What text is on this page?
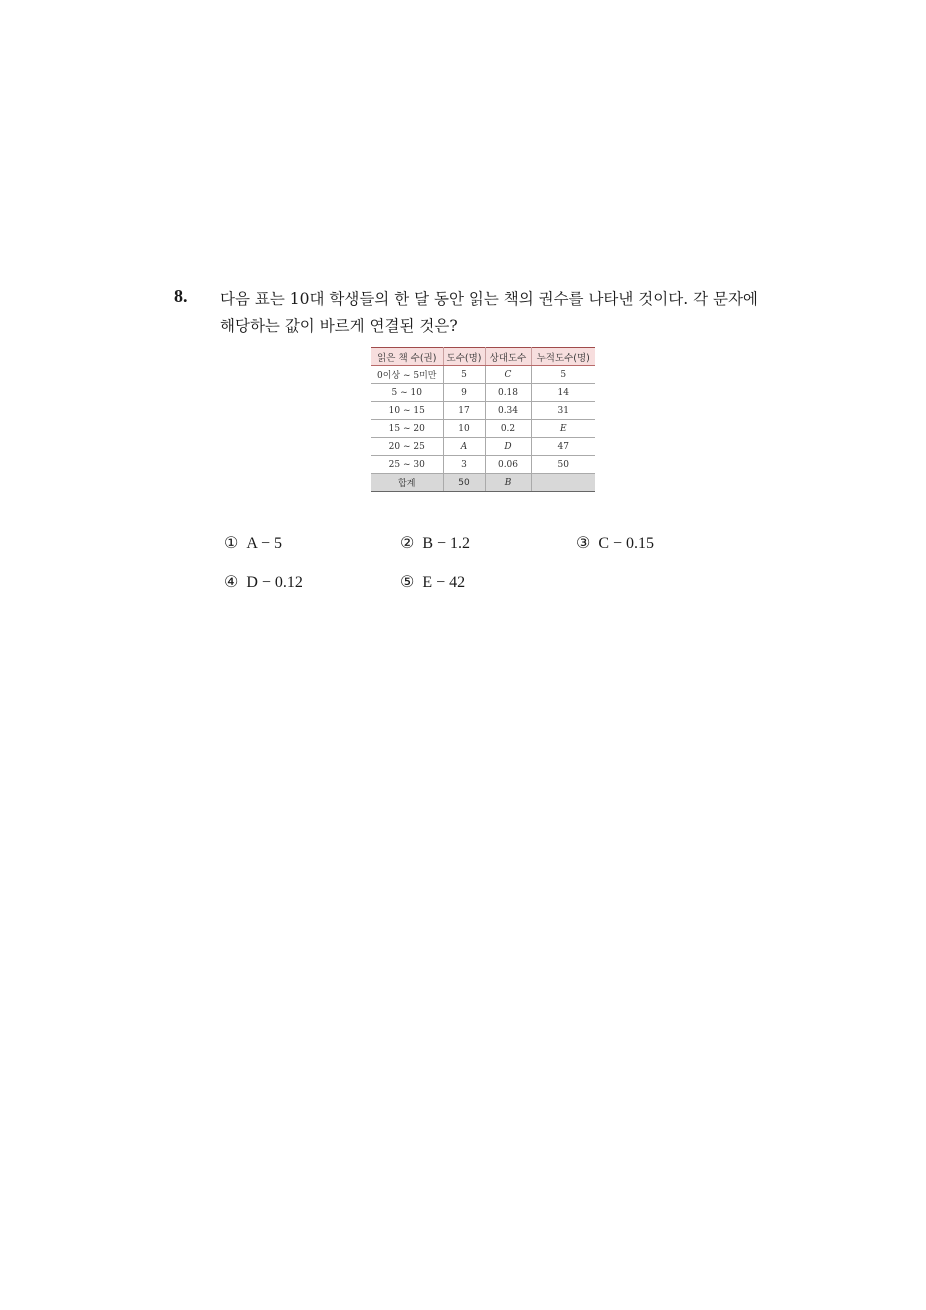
8. 다음 표는 10대 학생들의 한 달 동안 읽는 책의 권수를 나타낸 것이다. 각 문자에
해당하는 값이 바르게 연결된 것은?
읽은 책 수(권)	도수(명)	상대도수	누적도수(명)
0이상 ~ 5미만	5	C	5
5 ~ 10	9	0.18	14
10 ~ 15	17	0.34	31
15 ~ 20	10	0.2	E
20 ~ 25	A	D	47
25 ~ 30	3	0.06	50
합계	50	B	
① A − 5	② B − 1.2	③ C − 0.15
④ D − 0.12	⑤ E − 42
